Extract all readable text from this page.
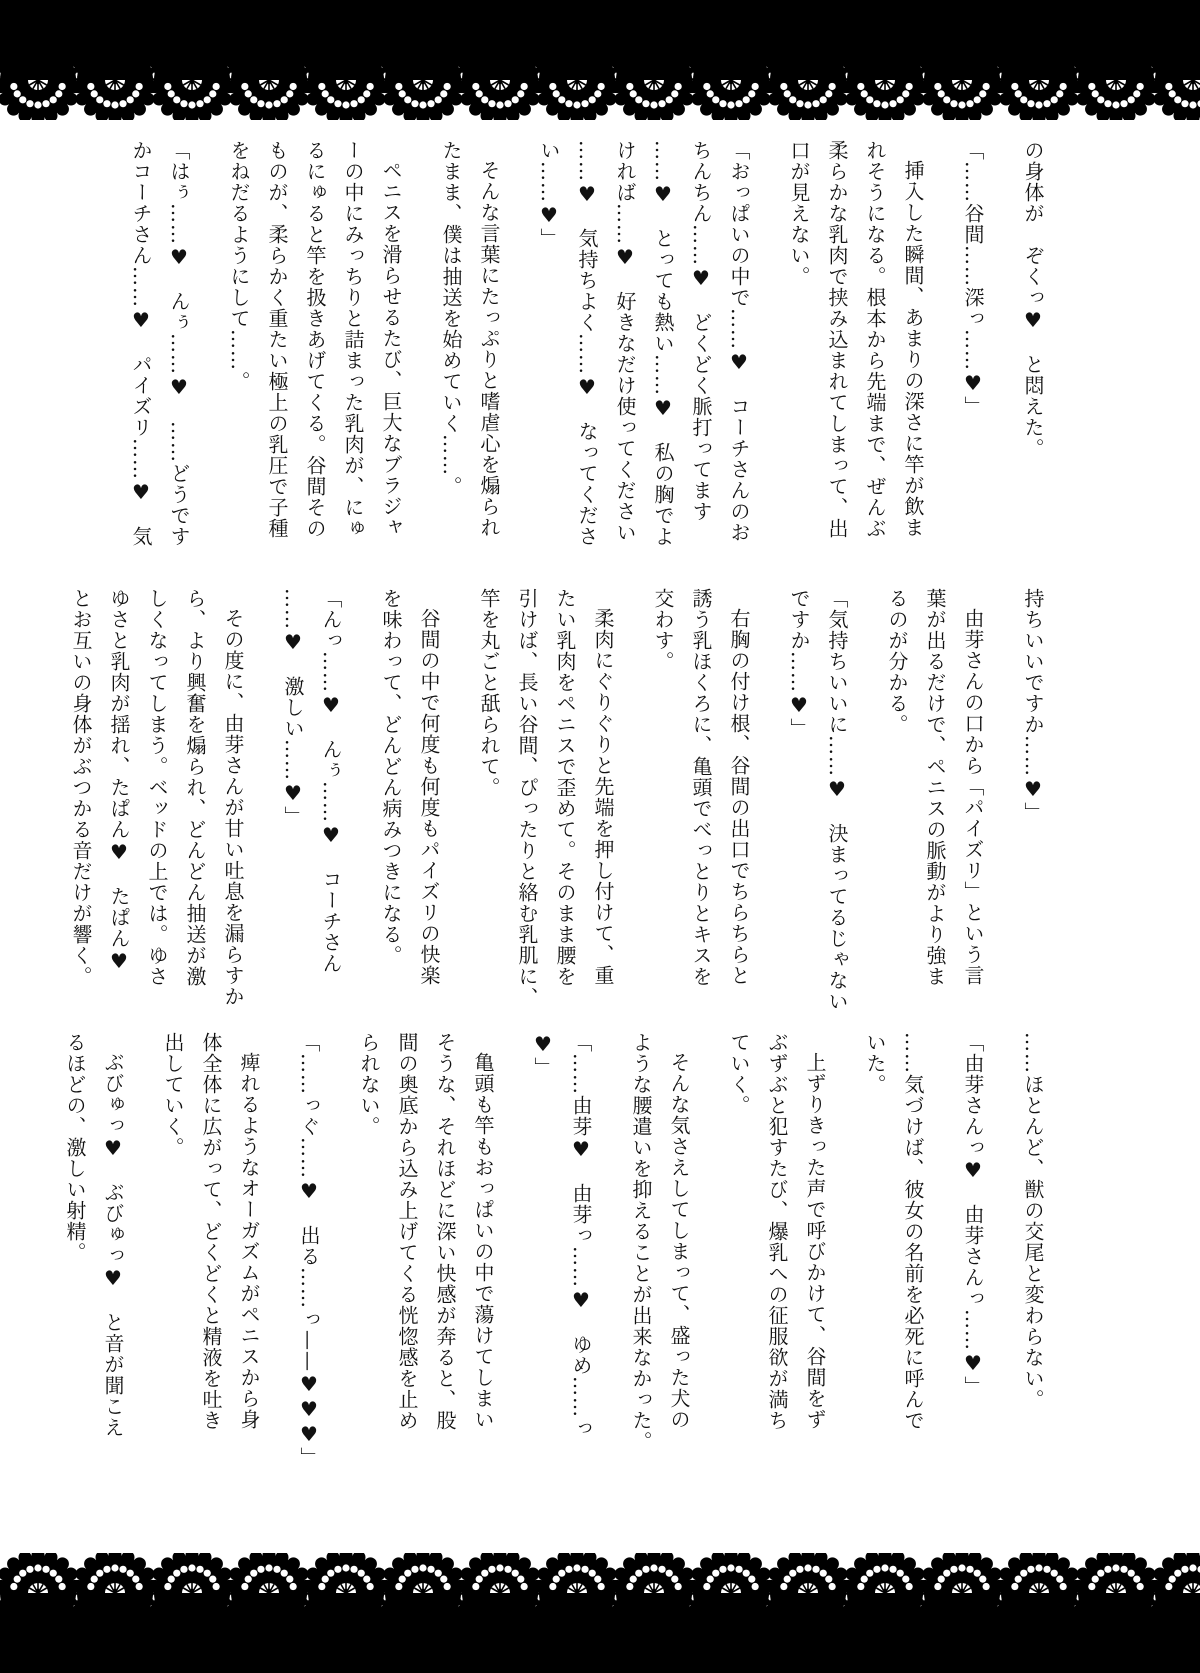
の身体が　ぞくっ♥　と悶えた。
「……谷間……深っ……♥」
挿入した瞬間、あまりの深さに竿が飲ま
れそうになる。根本から先端まで、ぜんぶ
柔らかな乳肉で挟み込まれてしまって、出
口が見えない。
「おっぱいの中で……♥　コーチさんのお
ちんちん……♥　どくどく脈打ってます
……♥　とっても熱い……♥　私の胸でよ
ければ……♥　好きなだけ使ってください
……♥　気持ちよく……♥　なってくださ
い……♥」
そんな言葉にたっぷりと嗜虐心を煽られ
たまま、僕は抽送を始めていく……。
ペニスを滑らせるたび、巨大なブラジャ
ーの中にみっちりと詰まった乳肉が、にゅ
るにゅると竿を扱きあげてくる。谷間その
ものが、柔らかく重たい極上の乳圧で子種
をねだるようにして……。
「はぅ……♥　んぅ……♥　……どうです
かコーチさん……♥　パイズリ……♥　気
持ちいいですか……♥」
由芽さんの口から「パイズリ」という言
葉が出るだけで、ペニスの脈動がより強ま
るのが分かる。
「気持ちいいに……♥　決まってるじゃない
ですか……♥」
右胸の付け根、谷間の出口でちらちらと
誘う乳ほくろに、亀頭でべっとりとキスを
交わす。
柔肉にぐりぐりと先端を押し付けて、重
たい乳肉をペニスで歪めて。そのまま腰を
引けば、長い谷間、ぴったりと絡む乳肌に、
竿を丸ごと舐られて。
谷間の中で何度も何度もパイズリの快楽
を味わって、どんどん病みつきになる。
「んっ……♥　んぅ……♥　コーチさん
……♥　激しい……♥」
その度に、由芽さんが甘い吐息を漏らすか
ら、より興奮を煽られ、どんどん抽送が激
しくなってしまう。ベッドの上では。ゆさ
ゆさと乳肉が揺れ、たぱん♥　たぱん♥
とお互いの身体がぶつかる音だけが響く。
……ほとんど、獣の交尾と変わらない。
「由芽さんっ♥　由芽さんっ……♥」
……気づけば、彼女の名前を必死に呼んで
いた。
上ずりきった声で呼びかけて、谷間をず
ぶずぶと犯すたび、爆乳への征服欲が満ち
ていく。
そんな気さえしてしまって、盛った犬の
ような腰遣いを抑えることが出来なかった。
「……由芽♥　由芽っ……♥　ゆめ……っ
♥」
亀頭も竿もおっぱいの中で蕩けてしまい
そうな、それほどに深い快感が奔ると、股
間の奥底から込み上げてくる恍惚感を止め
られない。
「……っぐ……♥　出る……っ——♥♥♥」
痺れるようなオーガズムがペニスから身
体全体に広がって、どくどくと精液を吐き
出していく。
ぶびゅっ♥　ぶびゅっ♥　と音が聞こえ
るほどの、激しい射精。
